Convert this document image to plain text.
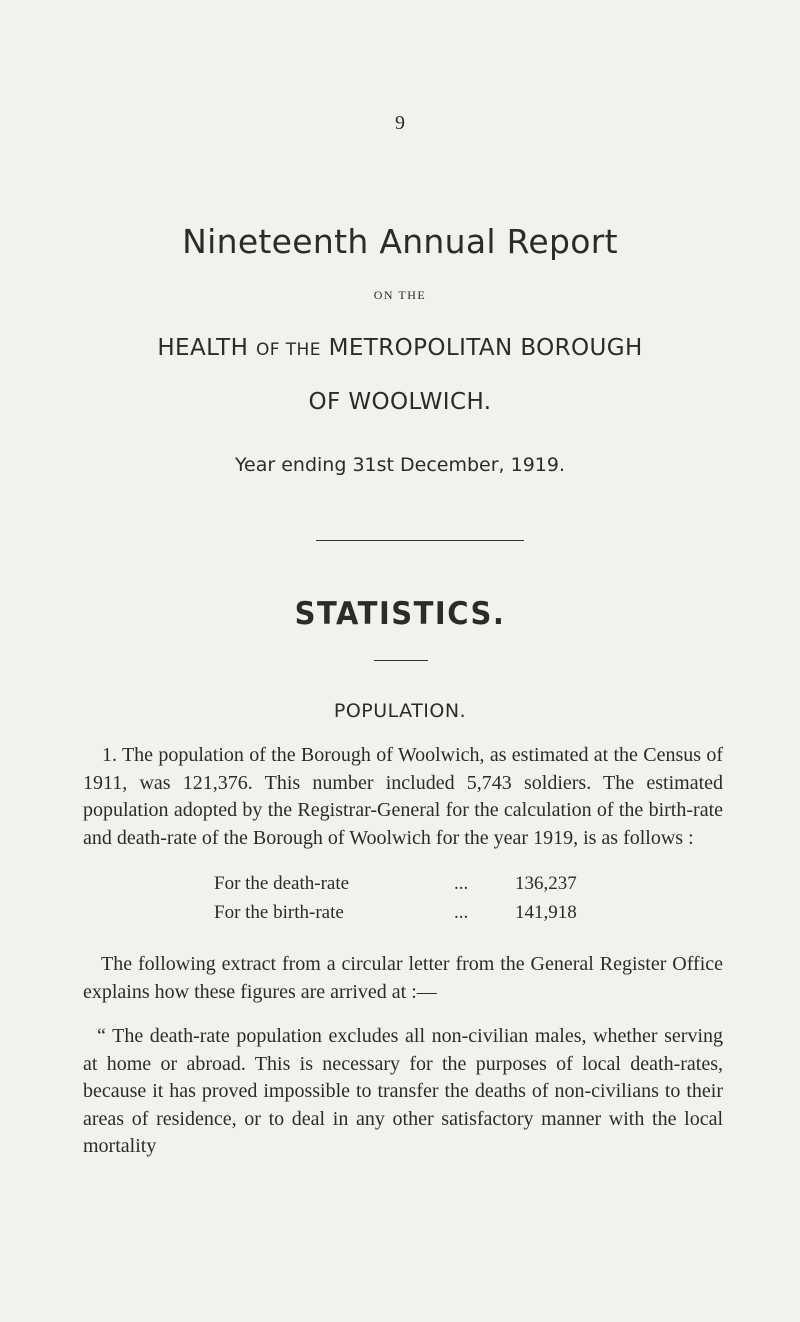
9
Nineteenth Annual Report
ON THE
HEALTH OF THE METROPOLITAN BOROUGH
OF WOOLWICH.
Year ending 31st December, 1919.
STATISTICS.
POPULATION.
1. The population of the Borough of Woolwich, as estimated at the Census of 1911, was 121,376. This number included 5,743 soldiers. The estimated population adopted by the Registrar-General for the calculation of the birth-rate and death-rate of the Borough of Woolwich for the year 1919, is as follows :
For the death-rate	... 136,237
For the birth-rate	... 141,918
The following extract from a circular letter from the General Register Office explains how these figures are arrived at :—
“ The death-rate population excludes all non-civilian males, whether serving at home or abroad. This is necessary for the purposes of local death-rates, because it has proved impossible to transfer the deaths of non-civilians to their areas of residence, or to deal in any other satisfactory manner with the local mortality
